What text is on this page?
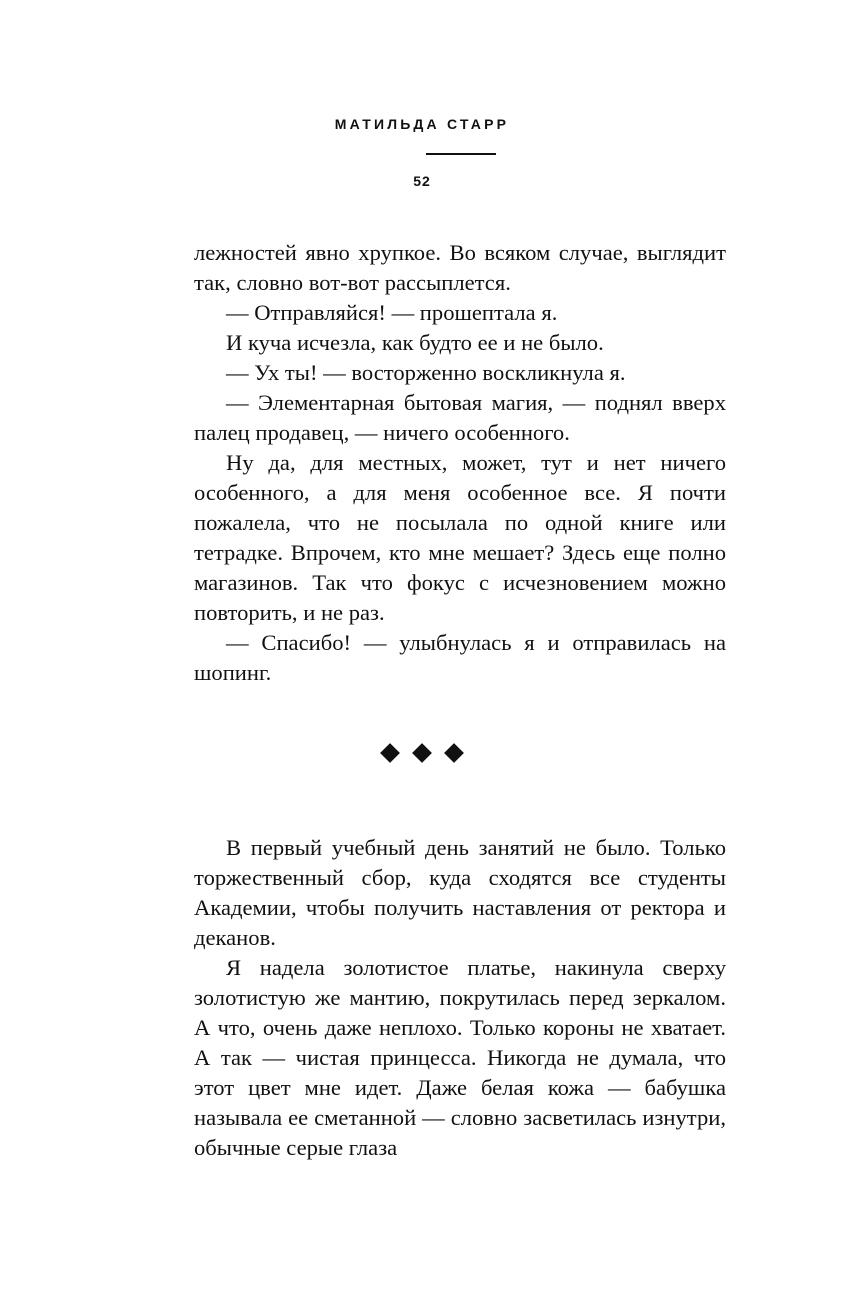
МАТИЛЬДА СТАРР
52

лежностей явно хрупкое. Во всяком случае, выглядит так, словно вот-вот рассыплется.

— Отправляйся! — прошептала я.

И куча исчезла, как будто ее и не было.

— Ух ты! — восторженно воскликнула я.

— Элементарная бытовая магия, — поднял вверх палец продавец, — ничего особенного.

Ну да, для местных, может, тут и нет ничего особенного, а для меня особенное все. Я почти пожалела, что не посылала по одной книге или тетрадке. Впрочем, кто мне мешает? Здесь еще полно магазинов. Так что фокус с исчезновением можно повторить, и не раз.

— Спасибо! — улыбнулась я и отправилась на шопинг.

В первый учебный день занятий не было. Только торжественный сбор, куда сходятся все студенты Академии, чтобы получить наставления от ректора и деканов.

Я надела золотистое платье, накинула сверху золотистую же мантию, покрутилась перед зеркалом. А что, очень даже неплохо. Только короны не хватает. А так — чистая принцесса. Никогда не думала, что этот цвет мне идет. Даже белая кожа — бабушка называла ее сметанной — словно засветилась изнутри, обычные серые глаза
